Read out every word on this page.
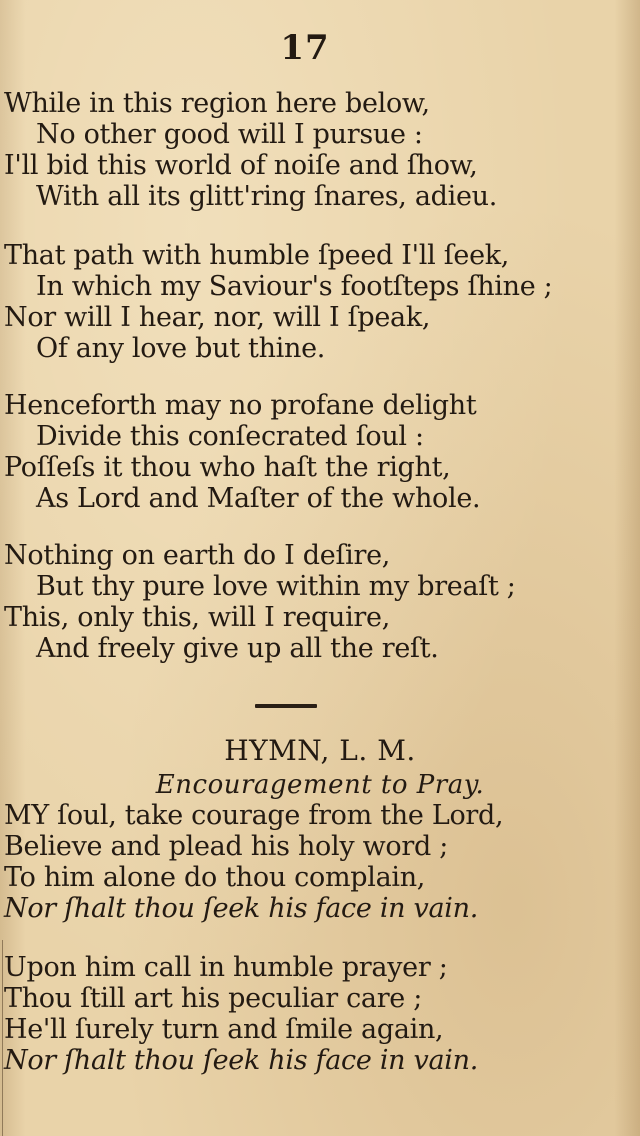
17
While in this region here below,
No other good will I pursue :
I'll bid this world of noiſe and ſhow,
With all its glitt'ring ſnares, adieu.
That path with humble ſpeed I'll ſeek,
In which my Saviour's footſteps ſhine ;
Nor will I hear, nor, will I ſpeak,
Of any love but thine.
Henceforth may no profane delight
Divide this conſecrated ſoul :
Poſſeſs it thou who haſt the right,
As Lord and Maſter of the whole.
Nothing on earth do I deſire,
But thy pure love within my breaſt ;
This, only this, will I require,
And freely give up all the reſt.
HYMN, L. M.
Encouragement to Pray.
MY ſoul, take courage from the Lord,
Believe and plead his holy word ;
To him alone do thou complain,
Nor ſhalt thou ſeek his face in vain.
Upon him call in humble prayer ;
Thou ſtill art his peculiar care ;
He'll ſurely turn and ſmile again,
Nor ſhalt thou ſeek his face in vain.
